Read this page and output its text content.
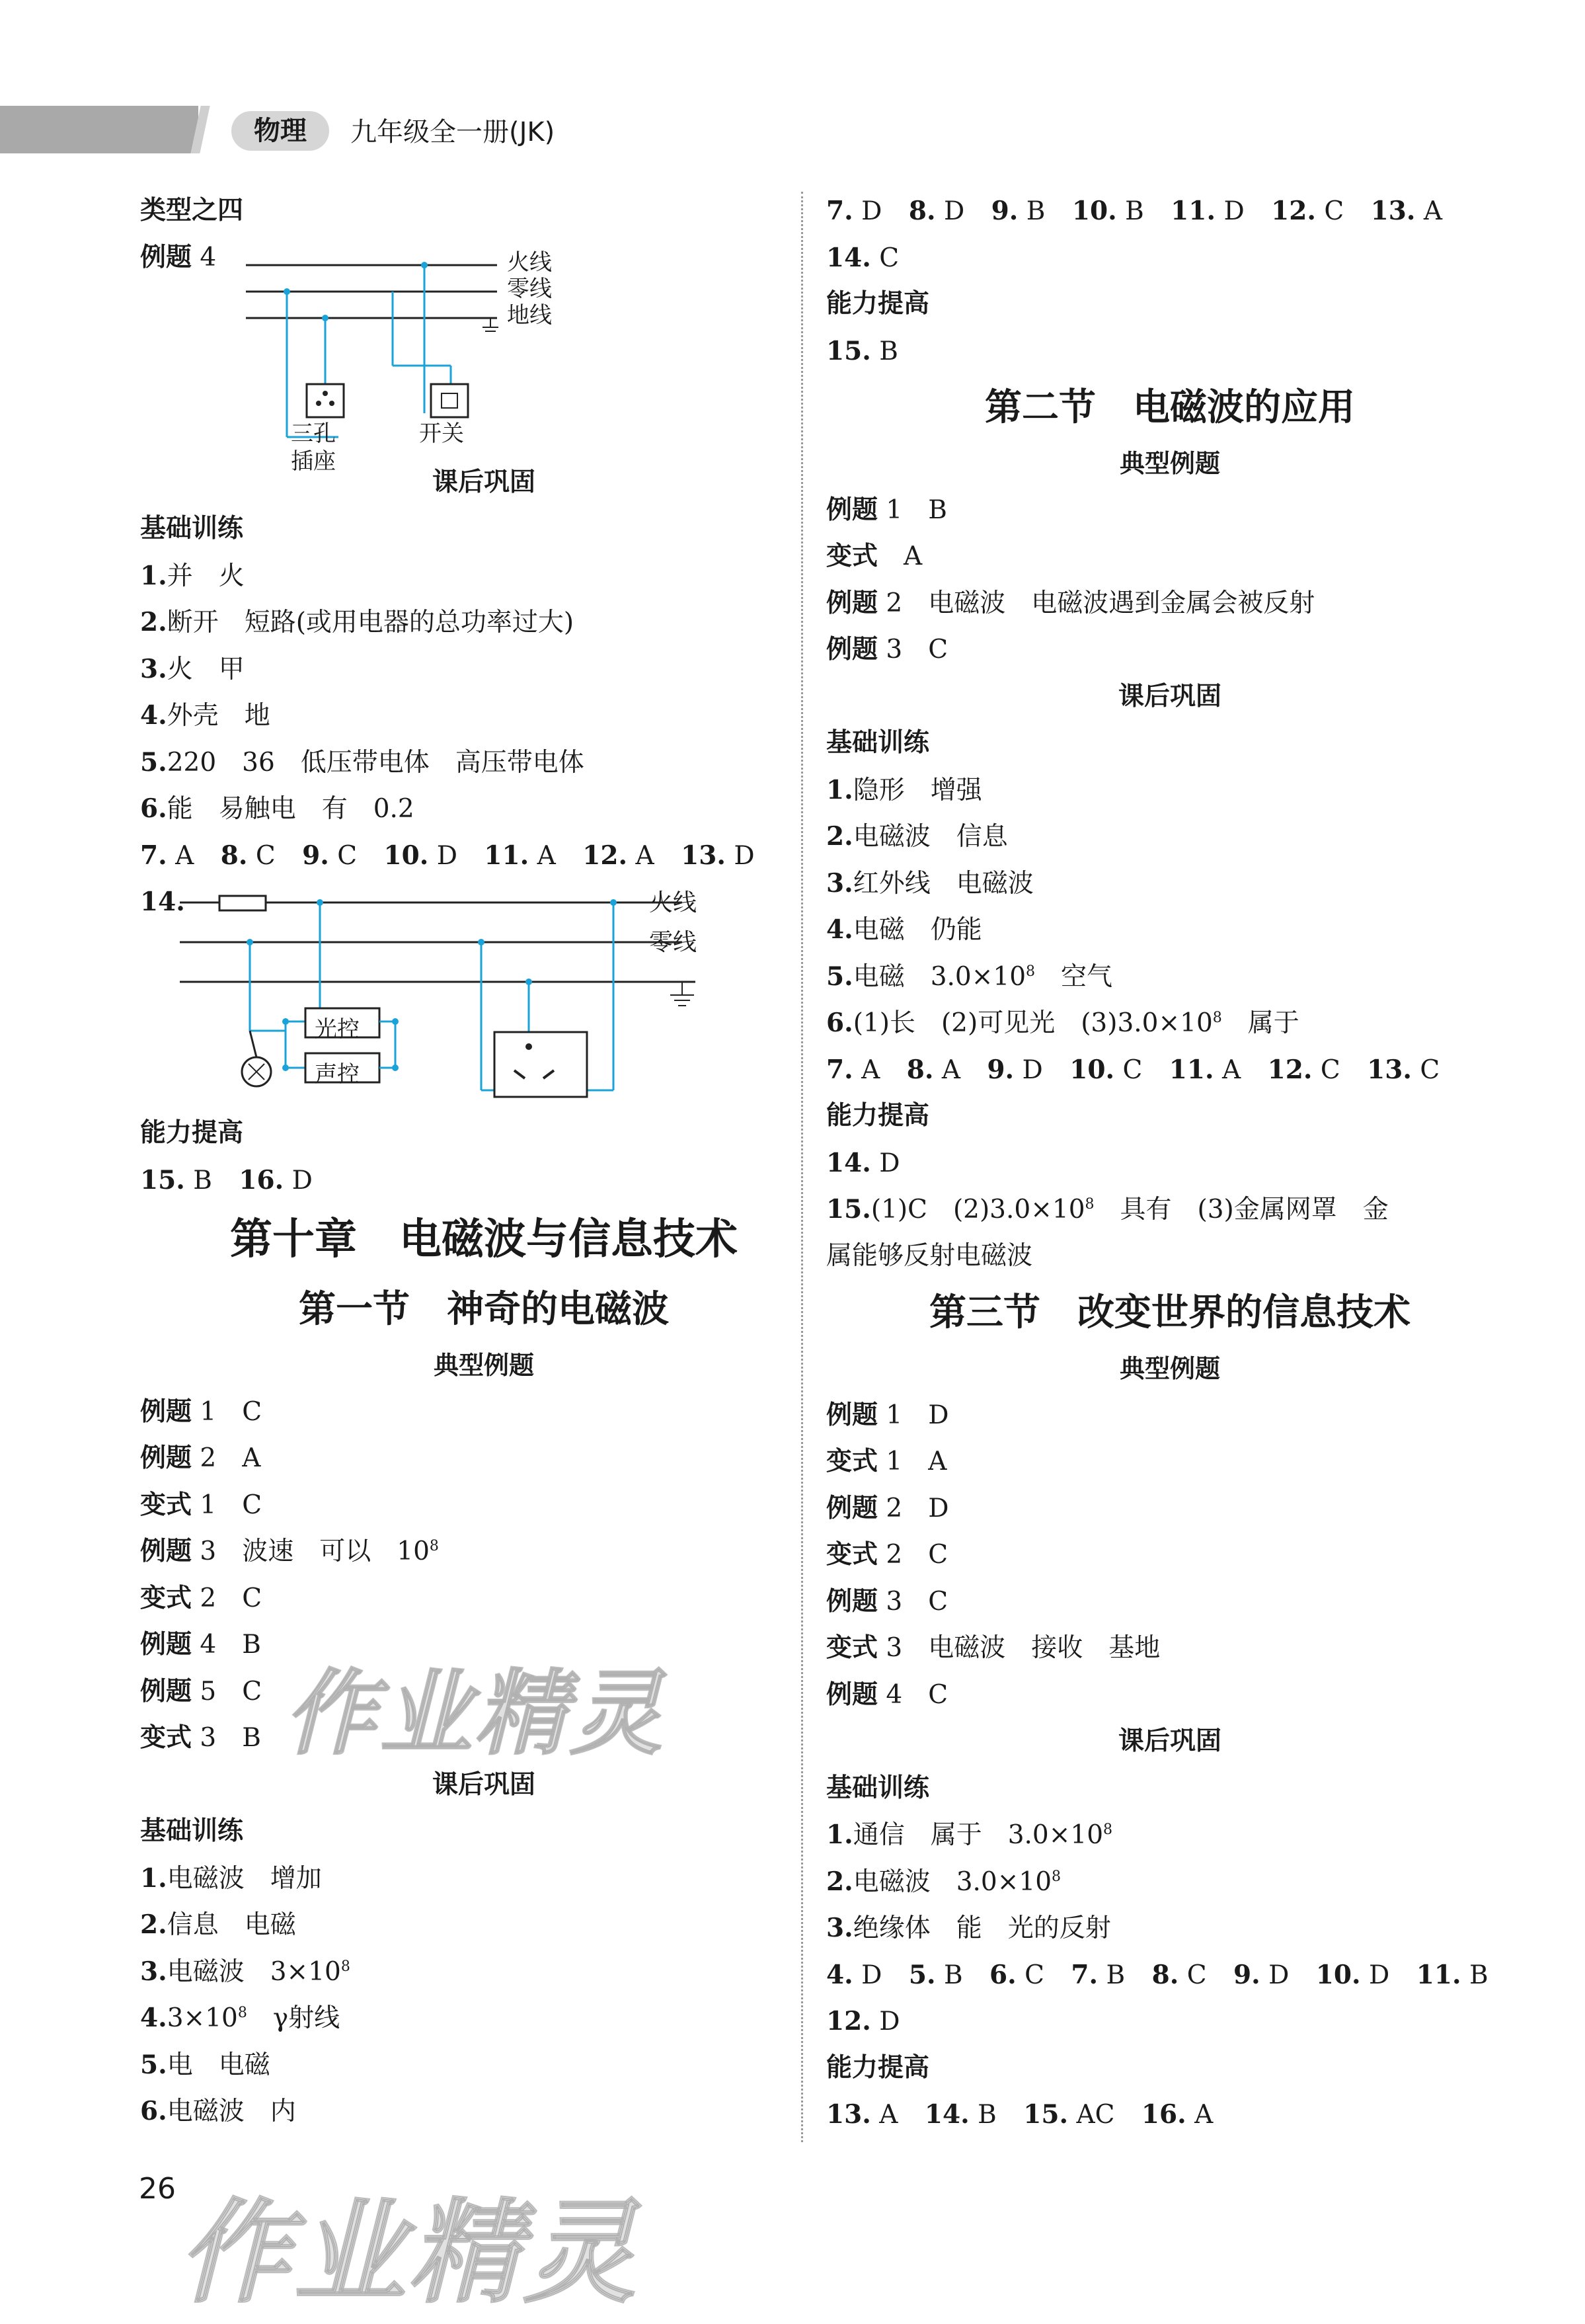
物理	九年级全一册(JK)
类型之四
例题 4	火线
零线
地线
三孔
插座
开关
课后巩固
基础训练
1.并　火
2.断开　短路(或用电器的总功率过大)
3.火　甲
4.外壳　地
5.220　36　低压带电体　高压带电体
6.能　易触电　有　0.2
7. A 8. C 9. C 10. D 11. A 12. A 13. D
14.	火线
零线
光控
声控
能力提高
15. B 16. D
第十章　电磁波与信息技术
第一节　神奇的电磁波
典型例题
例题 1　 C
例题 2　 A
变式 1　 C
例题 3　 波速　可以　$10^8$
变式 2　 C
例题 4　 B
例题 5　 C
变式 3　 B
课后巩固
基础训练
1.电磁波　增加
2.信息　电磁
3.电磁波　$3\times 10^8$
$4.3\times 10^8$　γ射线
5.电　电磁
6.电磁波　内
7. D 8. D 9. B 10. B 11. D 12. C 13. A
14. C
能力提高
15. B
第二节　电磁波的应用
典型例题
例题 1　 B
变式　 A
例题 2　 电磁波　电磁波遇到金属会被反射
例题 3　 C
课后巩固
基础训练
1.隐形　增强
2.电磁波　信息
3.红外线　电磁波
4.电磁　仍能
5.电磁　$3.0\times 10^8$　空气
6.(1)长　(2)可见光　$(3)3.0\times 10^8$　属于
7. A 8. A 9. D 10. C 11. A 12. C 13. C
能力提高
14. D
15.(1)C　$(2)3.0\times 10^8$　具有　(3)金属网罩　金
属能够反射电磁波
第三节　改变世界的信息技术
典型例题
例题 1　 D
变式 1　 A
例题 2　 D
变式 2　 C
例题 3　 C
变式 3　 电磁波　接收　基地
例题 4　 C
课后巩固
基础训练
1.通信　属于　$3.0\times 10^8$
2.电磁波　$3.0\times 10^8$
3.绝缘体　能　光的反射
4. D 5. B 6. C 7. B 8. C 9. D 10. D 11. B
12. D
能力提高
13. A 14. B 15. AC 16. A
作业精灵
作业精灵
26
